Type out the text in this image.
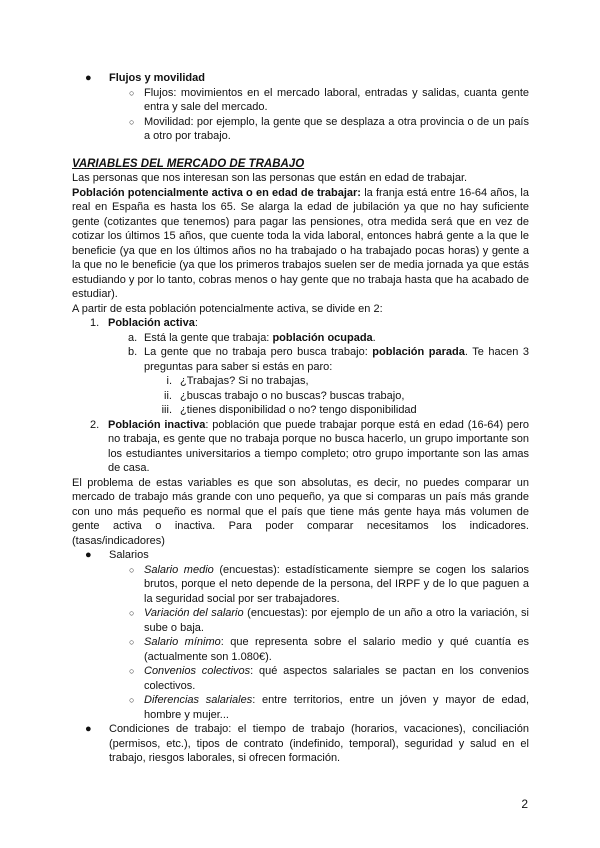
● Flujos y movilidad
○ Flujos: movimientos en el mercado laboral, entradas y salidas, cuanta gente entra y sale del mercado.
○ Movilidad: por ejemplo, la gente que se desplaza a otra provincia o de un país a otro por trabajo.
VARIABLES DEL MERCADO DE TRABAJO
Las personas que nos interesan son las personas que están en edad de trabajar.
Población potencialmente activa o en edad de trabajar: la franja está entre 16-64 años, la real en España es hasta los 65. Se alarga la edad de jubilación ya que no hay suficiente gente (cotizantes que tenemos) para pagar las pensiones, otra medida será que en vez de cotizar los últimos 15 años, que cuente toda la vida laboral, entonces habrá gente a la que le beneficie (ya que en los últimos años no ha trabajado o ha trabajado pocas horas) y gente a la que no le beneficie (ya que los primeros trabajos suelen ser de media jornada ya que estás estudiando y por lo tanto, cobras menos o hay gente que no trabaja hasta que ha acabado de estudiar).
A partir de esta población potencialmente activa, se divide en 2:
1. Población activa:
a. Está la gente que trabaja: población ocupada.
b. La gente que no trabaja pero busca trabajo: población parada. Te hacen 3 preguntas para saber si estás en paro:
i. ¿Trabajas? Si no trabajas,
ii. ¿buscas trabajo o no buscas? buscas trabajo,
iii. ¿tienes disponibilidad o no? tengo disponibilidad
2. Población inactiva: población que puede trabajar porque está en edad (16-64) pero no trabaja, es gente que no trabaja porque no busca hacerlo, un grupo importante son los estudiantes universitarios a tiempo completo; otro grupo importante son las amas de casa.
El problema de estas variables es que son absolutas, es decir, no puedes comparar un mercado de trabajo más grande con uno pequeño, ya que si comparas un país más grande con uno más pequeño es normal que el país que tiene más gente haya más volumen de gente activa o inactiva. Para poder comparar necesitamos los indicadores. (tasas/indicadores)
● Salarios
○ Salario medio (encuestas): estadísticamente siempre se cogen los salarios brutos, porque el neto depende de la persona, del IRPF y de lo que paguen a la seguridad social por ser trabajadores.
○ Variación del salario (encuestas): por ejemplo de un año a otro la variación, si sube o baja.
○ Salario mínimo: que representa sobre el salario medio y qué cuantía es (actualmente son 1.080€).
○ Convenios colectivos: qué aspectos salariales se pactan en los convenios colectivos.
○ Diferencias salariales: entre territorios, entre un jóven y mayor de edad, hombre y mujer...
● Condiciones de trabajo: el tiempo de trabajo (horarios, vacaciones), conciliación (permisos, etc.), tipos de contrato (indefinido, temporal), seguridad y salud en el trabajo, riesgos laborales, si ofrecen formación.
2
